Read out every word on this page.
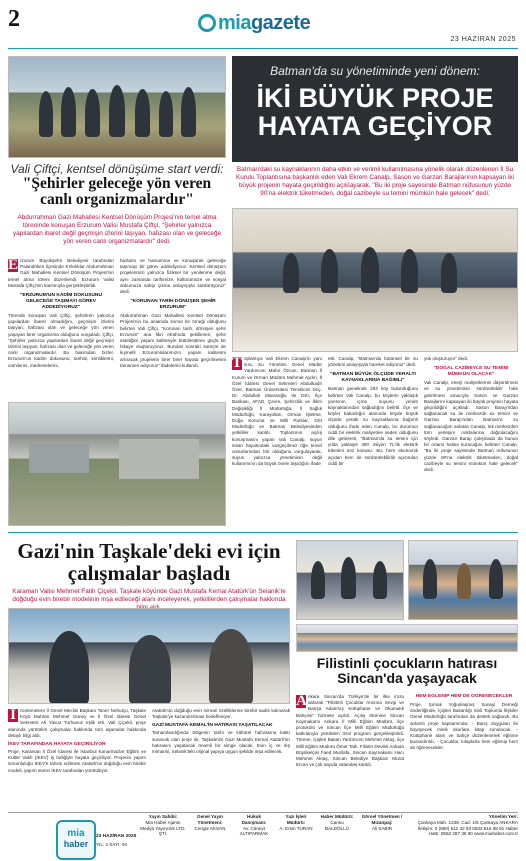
2	miagazete
23 HAZİRAN 2025
Vali Çiftçi, kentsel dönüşüme start verdi:
"Şehirler geleceğe yön veren canlı organizmalardır"
Abdurrahman Gazi Mahallesi Kentsel Dönüşüm Projesi'nin temel atma töreninde konuşan Erzurum Valisi Mustafa Çiftçi, "Şehirler yalnızca yapılardan ibaret değil geçmişin izlerini taşıyan, hafızası olan ve geleceğe yön veren canlı organizmalardır" dedi.
E rzurum Büyükşehir Belediyesi tarafından Palandöken ilçesinde Kırkılıklar Abdurrahman Gazi Mahallesi Kentsel Dönüşüm Projesi'nin temel atma töreni düzenlendi. Erzurum Valisi Mustafa Çiftçi'nin katılımıyla gerçekleştirildi.
"ERZURUM'UN KADİM DOKUSUNU GELECEĞE TAŞIMAYI GÖREV ADDEDİYORUZ"
Törende konuşan Vali Çiftçi, şehirlerin yalnızca yapılardan ibaret olmadığını, geçmişin izlerini taşıyan, hafızası olan ve geleceğe yön veren yaşayan birer organizma olduğunu vurguladı. Çiftçi, "Şehirler yalnızca yapılardan ibaret değil geçmişin izlerini taşıyan, hafızası olan ve geleceğe yön veren canlı organizmalardır. Bu bakımdan bizler, Erzurum'un kadim dokusunu, tarihini, kimliklerini, camilerini, medreselerini,
hazlamı ve hamamına ve konuşarak geleceğe taşımayı bir görev addediyoruz. Kentsel dönüşüm projelerimizi yalnızca fiziksel bir yenilenme değil, aynı zamanda tarihimize, kültürümüze ve sosyal dokumuza sahip çıkma anlayışıyla sürdürüyoruz" dedi.
"KORUNAN TARİH DÖNÜŞEN ŞEHİR ERZURUM"
Abdurrahman Gazi Mahallesi Kentsel Dönüşüm Projesi'nin bu anlamda somut bir örneği olduğunu belirten Vali Çiftçi, "Korunan tarih, dönüşen şehir Erzurum" ana fikri etrafında şekillenen, şehir estetiğini yaşam kalitesiyle bütünleştiren güçlü bir hikaye oluşturuyoruz. Bundan sonraki süreçte de kıymetli Erzurumlularımızın yaşam kalitesini artıracak projelerin birer birer hayata geçirilmesini tamamen adıyoruz" ifadelerini kullandı.
Batman'da su yönetiminde yeni dönem:
İKİ BÜYÜK PROJE HAYATA GEÇİYOR
Batman'daki su kaynaklarının daha etkin ve verimli kullanılmasına yönelik olarak düzenlenen İl Su Kurulu Toplantısına başkanlık eden Vali Ekrem Canalp, Sason ve Garzan Barajlarının kapsayan iki büyük projenin hayata geçirildiğini açıklayarak, "Bu iki proje sayesinde Batman nüfusunun yüzde 90'na elektrik tüketmeden, doğal cazibeyle su temini mümkün hale gelecek" dedi.
T oplantıya Vali Ekrem Canalp'in yanı sıra, Su Yönetimi Genel Müdür Yardımcısı Mahir Özcan, Batman İl Kurum ve Orman Müdürü Mehmet Aydın, İl Özel İdaresi Genel Sekreteri Abdulkadir Özer, Batman Üniversitesi Temsilcisi Doç. Dr. Abdullah Marasoğlu Ile DSİ, İlçe Bankası, AFAD, Çevre, Şehircilik ve İklim Değişikliği İl Müdürlüğü, İl Sağlık Müdürlüğü, Karayolları, Orman İşletme, Doğa Koruma ve Milli Parklar, DSİ Müdürlüğü ve Batman Belediyesinden yetkililer katıldı. Toplantının açılış konuşmasını yapan Vali Canalp, suyun insan hayatındaki vazgeçilmez öğe temel unsurlarından biri olduğunu vurgulayarak, suyun yalnızca yönetiminin değil kullanımının da büyük önem taşıdığını ifade
etti. Canalp, "Batman'da bütünsel bir su yönetimi anlayışıyla hareket ediyoruz" dedi.
"BATMAN BÜYÜK ÖLÇÜDE YERALTI KAYNAKLARINA BAĞIMLI"
Batman genelinde 293 köy bulunduğunu belirten Vali Canalp, bu köylerin yaklaşık yarısının içme suyunu yeraltı kaynaklarından sağladığını belirtti. İlçe ve köyler bakanlığın alanında köyde büyük ölçüde yeraltı su kaynaklarına bağımlı olduğunu ifade eden Canalp, bu durumun ciddi bir elektrik maliyetine neden olduğunu dile getirerek, "Batman'da su temini için yılda yaklaşık 390 milyon TL'lik elektrik tüketimi söz konusu. Bu, hem ekonomik açıdan hem de sürdürülebilirlik açısından ciddi bir
yük oluşturuyor" dedi.
"DOĞAL CAZİBEYLE SU TEMİNİ MÜMKÜN OLACAK"
Vali Canalp, enerji maliyetlerinin düşürülmesi ve su yönetiminin sürdürülebilir hale getirilmesi amacıyla Sason ve Garzan Barajlarını kapsayan iki büyük projenin hayata geçirildiğini açıkladı. Sason Barajı'ndan sağlanacak su ile merkezde su temini ve Garzan Barajı'ndan Batman'a su sağlanacağını anlatan Canalp, tek merkezden tüm yerleşim noktalarına dağıtılacağını söyledi. Garzan Barajı çalışmada da bunun bir ortamı haline kuracağını belirten Canalp, "Bu iki proje sayesinde Batman nüfusunun yüzde 90'na elektrik tüketmeden, doğal cazibeyle su temini mümkün hale gelecek" dedi.
Gazi'nin Taşkale'deki evi için çalışmalar başladı
Karaman Valisi Mehmet Fatih Çiçekli, Taşkale köyünde Gazi Mustafa Kemal Atatürk'ün Selanik'te doğduğu evin birebir modelinin inşa edileceği alanı inceleyerek, yetkililerden çalışmalar hakkında
İ ncelemelere İl Genel Meclisi Başkanı Taner Nohutçu, Taşkale Köyü Muhtarı Mehmet Güney ve İl Özel İdaresi Genel Sekreteri Ali Yavuz Turhanoz eşlik etti. Vali Çiçekli, proje alanında yürütülen çalışmalar hakkında tüm aşamalar hakkında detaylı bilgi aldı.
İKEV TARAFINDAN HAYATA GEÇİRİLİYOR
Proje, Karaman İl Özel İdaresi ile İstanbul Kanarmazlar Eğitim ve Kültür Vakfı (İKEV) iş birliğiyle hayata geçiriliyor. Projenin yapım sorumluluğu İKEV'e tahsis edilmesi Atatürk'ün doğduğu evin birebir modeli, yapım süreci İKEV tarafından yürütülüyor.
Atatürk'ün doğduğu evin mimari özelliklerine birebir sadık kalınarak Taşkale'ye kazandırılması hedefleniyor.
GAZİ MUSTAFA KEMAL'İN HATIRASI YAŞATILACAK
Tamamlandığında bölgenin tarihi ve kültürel hafızasına katkı sunacak olan proje ile, Taşkale'de Gazi Mustafa Kemal Atatürk'ün hatırasını yaşatacak önemli bir simge olacak. Evin iç ve dış mimarisi, Selanik'teki orijinal yapıya uygun şekilde inşa edilecek.
Filistinli çocukların hatırası Sincan'da yaşayacak
A nkara Sincan'da Türkiye'de bir ilke imza atılarak "Filistinli Çocuklar Anısına Sevgi ve Barışa Adanmış Kütüphane ve Okumalık Bahçesi" hizmete açıldı. Açılış törenine Sincan Kaymakamı Ankara İl Milli Eğitim Müdürü, ilçe protokolü ve Sincan İlçe Milli Eğitim Müdürlüğü katkılarıyla yürütülen özel program gerçekleştirildi. Törene, İçişleri Bakan Yardımcısı Mehmet Aktaş, ilçe Milli Eğitim Müdürü Ömer Tatlı, Filistin Devleti Ankara Büyükelçisi Faed Mustafa, Sincan Kaymakamı Hacı Mehmet Aktaş, Sincan Belediye Başkanı Murat Ercan ve çok sayıda vatandaş katıldı.
HEM EĞLENİP HEM DE ÖĞRENECEKLER
Proje, Şırnak Yoğunlaşmış Sanayi Derneği önderliğinde, İçişleri Bakanlığı Sivil Toplumla İlişkiler Genel Müdürlüğü tarafından da destek sağlandı. Bu anlamlı proje kapsamında: - Barış duyguları ile büyüyecek minik okurlara kitap sunulacak. - Kütüphane alanı ve bahçe düzenlenerek eğitime kazandırıldı. - Çocuklar, kitaplarla hem eğlenip hem de öğrenecekler.
mia
haber
23 HAZİRAN 2025
YIL: 2 SAYI: 94
Yayın Sahibi:
Mia Haber Ajansı Medya Yayıncılık LTD. ŞTİ.
Genel Yayın Yönetmeni:
Cengiz AKSAN
Hukuk Danışmanı:
Av. Cüneyt ALTIPARMAK
Yazı İşleri Müdürü:
A. Ersin TURAN
Haber Müdürü:
Cansu BALDÖLLÜ
Görsel Yönetmen / Mizanpaj:
Ali SABIR
Yönetim Yeri:
Çankaya Mah. 1238. Cad. 1/6 Çankaya ANKARA İletişim: 0 (850) 512 32 63 0532 516 08 91 Haber Hattı: 0552 287 36 90 www.miahaber.com.tr
